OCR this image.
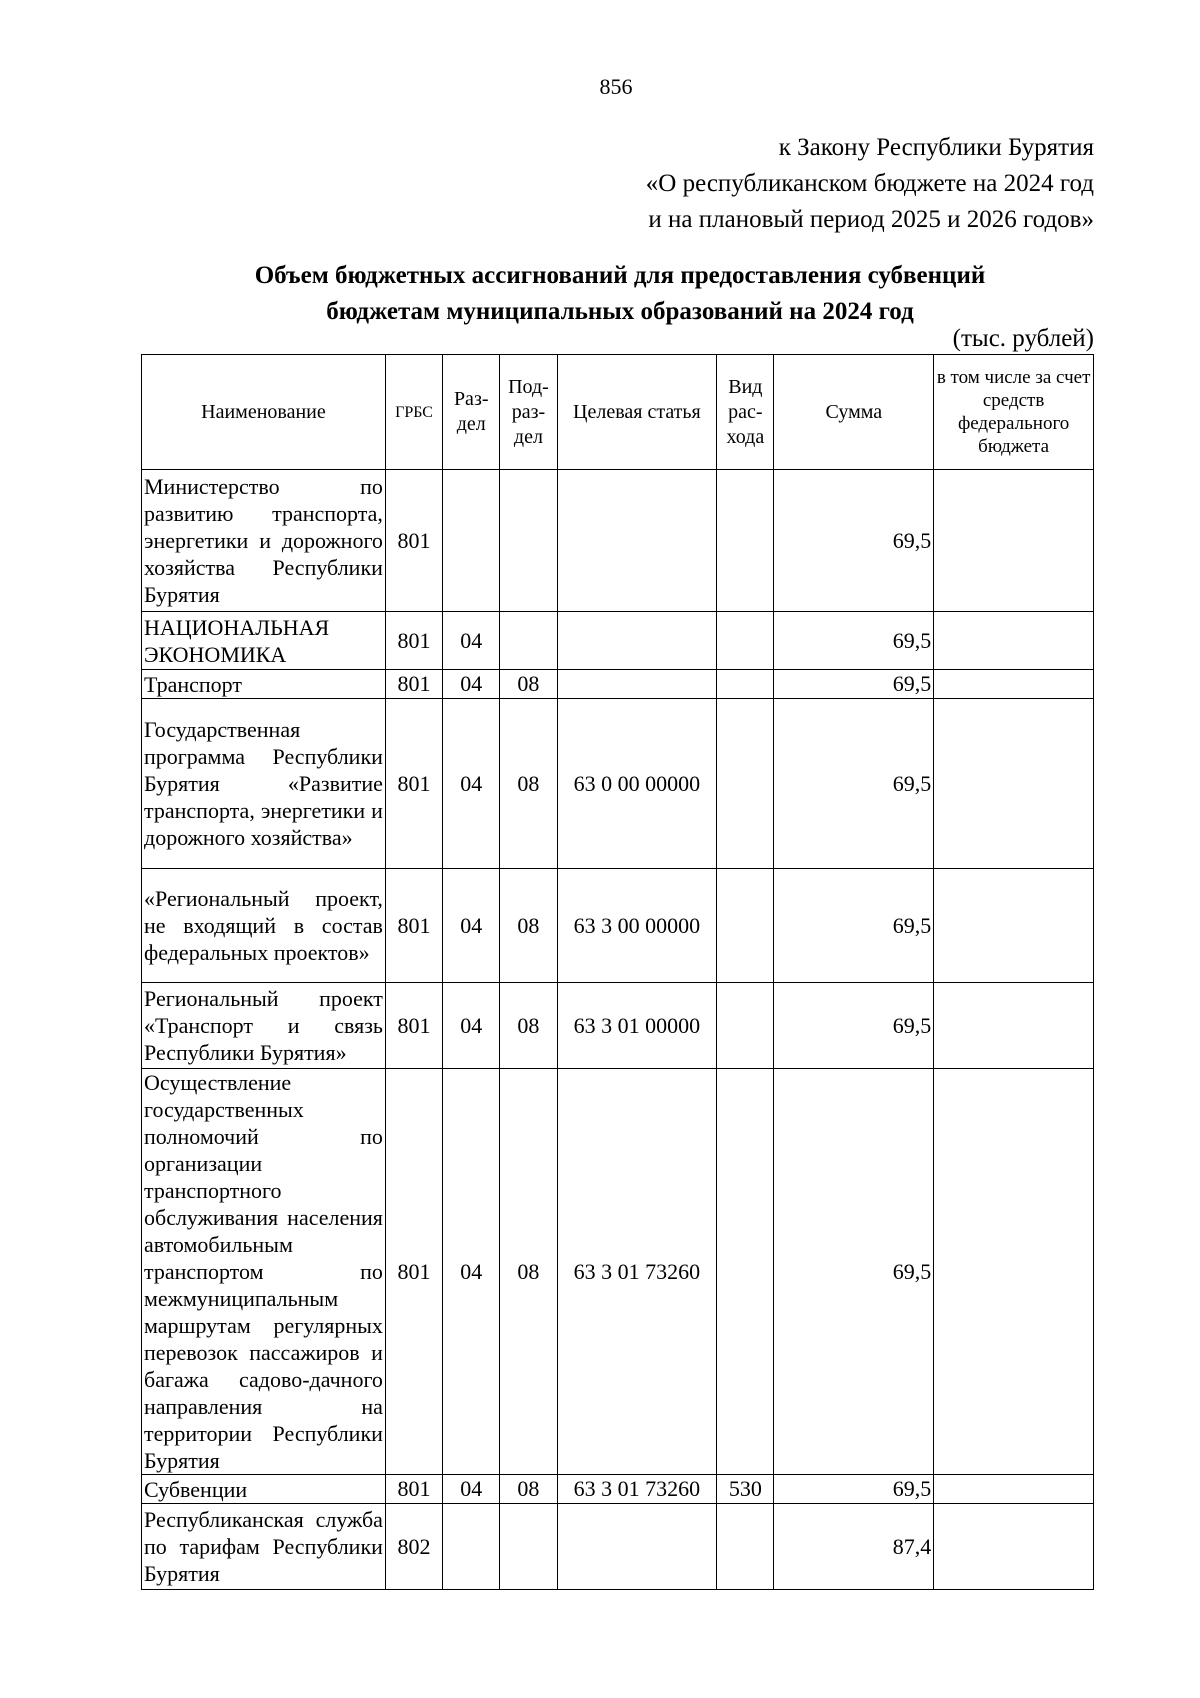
856
к Закону Республики Бурятия
«О республиканском бюджете на 2024 год
и на плановый период 2025 и 2026 годов»
Объем бюджетных ассигнований для предоставления субвенций
бюджетам муниципальных образований на 2024 год
(тыс. рублей)
Наименование	ГРБС	Раз-дел	Под-раз-дел	Целевая статья	Вид рас-хода	Сумма	в том числе за счет средств федерального бюджета
Министерство по развитию транспорта, энергетики и дорожного хозяйства Республики Бурятия	801					69,5	
НАЦИОНАЛЬНАЯ ЭКОНОМИКА	801	04				69,5	
Транспорт	801	04	08			69,5	
Государственная программа Республики Бурятия «Развитие транспорта, энергетики и дорожного хозяйства»	801	04	08	63 0 00 00000		69,5	
«Региональный проект, не входящий в состав федеральных проектов»	801	04	08	63 3 00 00000		69,5	
Региональный проект «Транспорт и связь Республики Бурятия»	801	04	08	63 3 01 00000		69,5	
Осуществление государственных полномочий по организации транспортного обслуживания населения автомобильным транспортом по межмуниципальным маршрутам регулярных перевозок пассажиров и багажа садово-дачного направления на территории Республики Бурятия	801	04	08	63 3 01 73260		69,5	
Субвенции	801	04	08	63 3 01 73260	530	69,5	
Республиканская служба по тарифам Республики Бурятия	802					87,4	
